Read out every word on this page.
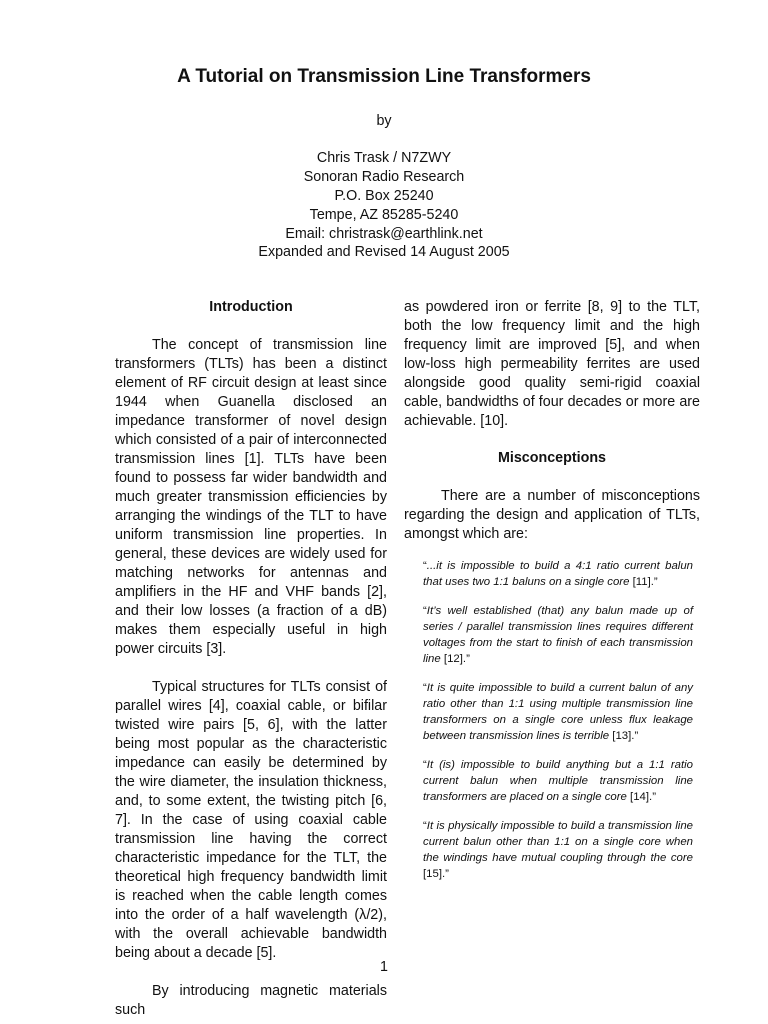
A Tutorial on Transmission Line Transformers
by
Chris Trask / N7ZWY
Sonoran Radio Research
P.O. Box 25240
Tempe, AZ 85285-5240
Email: christrask@earthlink.net
Expanded and Revised 14 August 2005
Introduction

The concept of transmission line transformers (TLTs) has been a distinct element of RF circuit design at least since 1944 when Guanella disclosed an impedance transformer of novel design which consisted of a pair of interconnected transmission lines [1]. TLTs have been found to possess far wider bandwidth and much greater transmission efficiencies by arranging the windings of the TLT to have uniform transmission line properties. In general, these devices are widely used for matching networks for antennas and amplifiers in the HF and VHF bands [2], and their low losses (a fraction of a dB) makes them especially useful in high power circuits [3].

Typical structures for TLTs consist of parallel wires [4], coaxial cable, or bifilar twisted wire pairs [5, 6], with the latter being most popular as the characteristic impedance can easily be determined by the wire diameter, the insulation thickness, and, to some extent, the twisting pitch [6, 7]. In the case of using coaxial cable transmission line having the correct characteristic impedance for the TLT, the theoretical high frequency bandwidth limit is reached when the cable length comes into the order of a half wavelength (λ/2), with the overall achievable bandwidth being about a decade [5].

By introducing magnetic materials such

as powdered iron or ferrite [8, 9] to the TLT, both the low frequency limit and the high frequency limit are improved [5], and when low-loss high permeability ferrites are used alongside good quality semi-rigid coaxial cable, bandwidths of four decades or more are achievable. [10].

Misconceptions

There are a number of misconceptions regarding the design and application of TLTs, amongst which are:

“...it is impossible to build a 4:1 ratio current balun that uses two 1:1 baluns on a single core [11].”

“It’s well established (that) any balun made up of series / parallel transmission lines requires different voltages from the start to finish of each transmission line [12].”

“It is quite impossible to build a current balun of any ratio other than 1:1 using multiple transmission line transformers on a single core unless flux leakage between transmission lines is terrible [13].”

“It (is) impossible to build anything but a 1:1 ratio current balun when multiple transmission line transformers are placed on a single core [14].”

“It is physically impossible to build a transmission line current balun other than 1:1 on a single core when the windings have mutual coupling through the core [15].”

1
